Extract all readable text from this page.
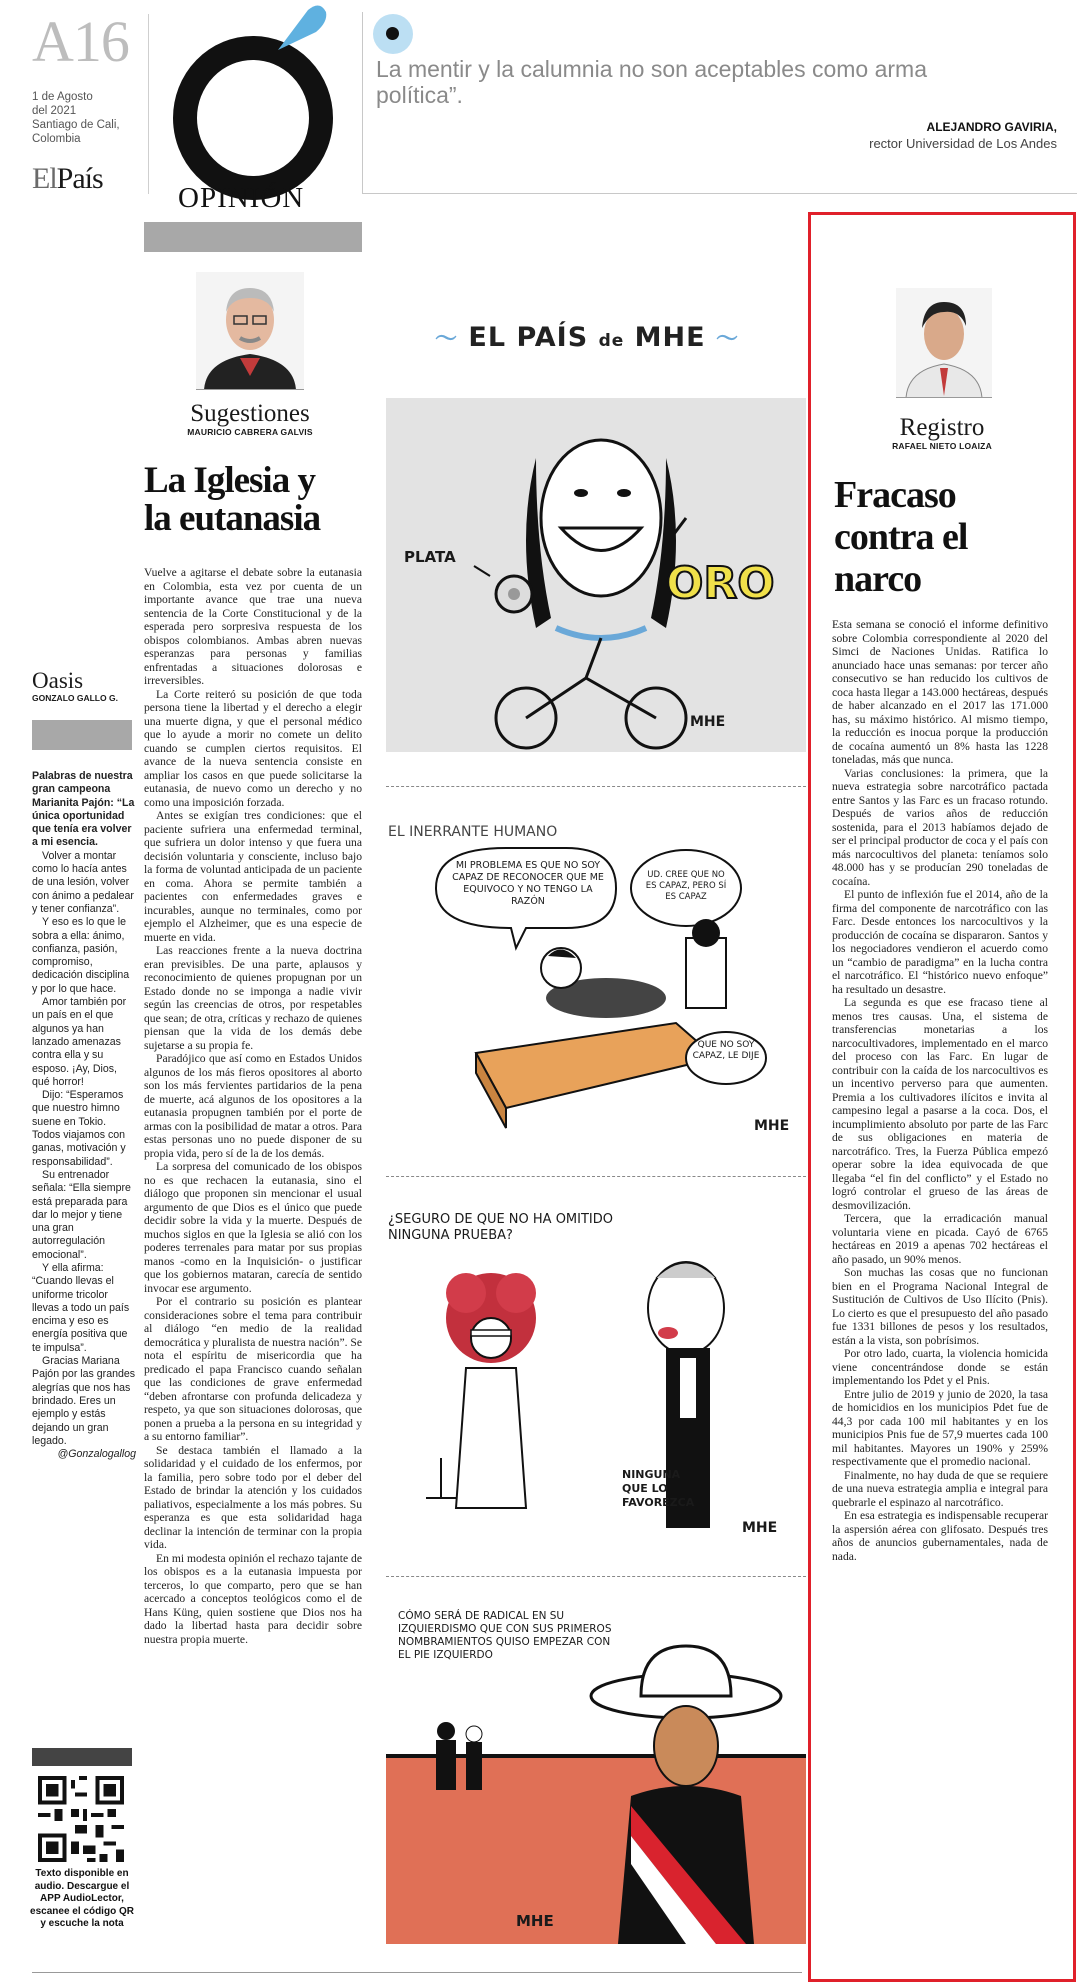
A16
1 de Agosto
del 2021
Santiago de Cali,
Colombia
ElPaís
OPINIÓN
La mentir y la calumnia no son aceptables como arma política”.
ALEJANDRO GAVIRIA,
rector Universidad de Los Andes
Sugestiones
MAURICIO CABRERA GALVIS
La Iglesia y
la eutanasia

Vuelve a agitarse el debate sobre la eutanasia en Colombia, esta vez por cuenta de un importante avance que trae una nueva sentencia de la Corte Constitucional y de la esperada pero sorpresiva respuesta de los obispos colombianos. Ambas abren nuevas esperanzas para personas y familias enfrentadas a situaciones dolorosas e irreversibles.

La Corte reiteró su posición de que toda persona tiene la libertad y el derecho a elegir una muerte digna, y que el personal médico que lo ayude a morir no comete un delito cuando se cumplen ciertos requisitos. El avance de la nueva sentencia consiste en ampliar los casos en que puede solicitarse la eutanasia, de nuevo como un derecho y no como una imposición forzada.

Antes se exigían tres condiciones: que el paciente sufriera una enfermedad terminal, que sufriera un dolor intenso y que fuera una decisión voluntaria y consciente, incluso bajo la forma de voluntad anticipada de un paciente en coma. Ahora se permite también a pacientes con enfermedades graves e incurables, aunque no terminales, como por ejemplo el Alzheimer, que es una especie de muerte en vida.

Las reacciones frente a la nueva doctrina eran previsibles. De una parte, aplausos y reconocimiento de quienes propugnan por un Estado donde no se imponga a nadie vivir según las creencias de otros, por respetables que sean; de otra, críticas y rechazo de quienes piensan que la vida de los demás debe sujetarse a su propia fe.

Paradójico que así como en Estados Unidos algunos de los más fieros opositores al aborto son los más fervientes partidarios de la pena de muerte, acá algunos de los opositores a la eutanasia propugnen también por el porte de armas con la posibilidad de matar a otros. Para estas personas uno no puede disponer de su propia vida, pero sí de la de los demás.

La sorpresa del comunicado de los obispos no es que rechacen la eutanasia, sino el diálogo que proponen sin mencionar el usual argumento de que Dios es el único que puede decidir sobre la vida y la muerte. Después de muchos siglos en que la Iglesia se alió con los poderes terrenales para matar por sus propias manos -como en la Inquisición- o justificar que los gobiernos mataran, carecía de sentido invocar ese argumento.

Por el contrario su posición es plantear consideraciones sobre el tema para contribuir al diálogo “en medio de la realidad democrática y pluralista de nuestra nación”. Se nota el espíritu de misericordia que ha predicado el papa Francisco cuando señalan que las condiciones de grave enfermedad “deben afrontarse con profunda delicadeza y respeto, ya que son situaciones dolorosas, que ponen a prueba a la persona en su integridad y a su entorno familiar”.

Se destaca también el llamado a la solidaridad y el cuidado de los enfermos, por la familia, pero sobre todo por el deber del Estado de brindar la atención y los cuidados paliativos, especialmente a los más pobres. Su esperanza es que esta solidaridad haga declinar la intención de terminar con la propia vida.

En mi modesta opinión el rechazo tajante de los obispos es a la eutanasia impuesta por terceros, lo que comparto, pero que se han acercado a conceptos teológicos como el de Hans Küng, quien sostiene que Dios nos ha dado la libertad hasta para decidir sobre nuestra propia muerte.

Oasis
GONZALO GALLO G.

Palabras de nuestra gran campeona Marianita Pajón: “La única oportunidad que tenía era volver a mi esencia.

Volver a montar como lo hacía antes de una lesión, volver con ánimo a pedalear y tener confianza”.

Y eso es lo que le sobra a ella: ánimo, confianza, pasión, compromiso, dedicación disciplina y por lo que hace.

Amor también por un país en el que algunos ya han lanzado amenazas contra ella y su esposo. ¡Ay, Dios, qué horror!

Dijo: “Esperamos que nuestro himno suene en Tokio. Todos viajamos con ganas, motivación y responsabilidad”.

Su entrenador señala: “Ella siempre está preparada para dar lo mejor y tiene una gran autorregulación emocional”.

Y ella afirma: “Cuando llevas el uniforme tricolor llevas a todo un país encima y eso es energía positiva que te impulsa”.

Gracias Mariana Pajón por las grandes alegrías que nos has brindado. Eres un ejemplo y estás dejando un gran legado.

@Gonzalogallog

Texto disponible en audio. Descargue el APP AudioLector, escanee el código QR y escuche la nota
〜 EL PAÍS de MHE 〜
PLATA
ORO
MHE
EL INERRANTE HUMANO
MI PROBLEMA ES QUE NO SOY CAPAZ DE RECONOCER QUE ME EQUIVOCO Y NO TENGO LA RAZÓN
UD. CREE QUE NO ES CAPAZ, PERO SÍ ES CAPAZ
QUE NO SOY CAPAZ, LE DIJE
MHE
¿SEGURO DE QUE NO HA OMITIDO NINGUNA PRUEBA?
NINGUNA QUE LO FAVOREZCA
MHE
CÓMO SERÁ DE RADICAL EN SU IZQUIERDISMO QUE CON SUS PRIMEROS NOMBRAMIENTOS QUISO EMPEZAR CON EL PIE IZQUIERDO
MHE
Registro
RAFAEL NIETO LOAIZA
Fracaso
contra el
narco

Esta semana se conoció el informe definitivo sobre Colombia correspondiente al 2020 del Simci de Naciones Unidas. Ratifica lo anunciado hace unas semanas: por tercer año consecutivo se han reducido los cultivos de coca hasta llegar a 143.000 hectáreas, después de haber alcanzado en el 2017 las 171.000 has, su máximo histórico. Al mismo tiempo, la reducción es inocua porque la producción de cocaína aumentó un 8% hasta las 1228 toneladas, más que nunca.

Varias conclusiones: la primera, que la nueva estrategia sobre narcotráfico pactada entre Santos y las Farc es un fracaso rotundo. Después de varios años de reducción sostenida, para el 2013 habíamos dejado de ser el principal productor de coca y el país con más narcocultivos del planeta: teníamos solo 48.000 has y se producían 290 toneladas de cocaína.

El punto de inflexión fue el 2014, año de la firma del componente de narcotráfico con las Farc. Desde entonces los narcocultivos y la producción de cocaína se dispararon. Santos y los negociadores vendieron el acuerdo como un “cambio de paradigma” en la lucha contra el narcotráfico. El “histórico nuevo enfoque” ha resultado un desastre.

La segunda es que ese fracaso tiene al menos tres causas. Una, el sistema de transferencias monetarias a los narcocultivadores, implementado en el marco del proceso con las Farc. En lugar de contribuir con la caída de los narcocultivos es un incentivo perverso para que aumenten. Premia a los cultivadores ilícitos e invita al campesino legal a pasarse a la coca. Dos, el incumplimiento absoluto por parte de las Farc de sus obligaciones en materia de narcotráfico. Tres, la Fuerza Pública empezó operar sobre la idea equivocada de que llegaba “el fin del conflicto” y el Estado no logró controlar el grueso de las áreas de desmovilización.

Tercera, que la erradicación manual voluntaria viene en picada. Cayó de 6765 hectáreas en 2019 a apenas 702 hectáreas el año pasado, un 90% menos.

Son muchas las cosas que no funcionan bien en el Programa Nacional Integral de Sustitución de Cultivos de Uso Ilícito (Pnis). Lo cierto es que el presupuesto del año pasado fue 1331 billones de pesos y los resultados, están a la vista, son pobrísimos.

Por otro lado, cuarta, la violencia homicida viene concentrándose donde se están implementando los Pdet y el Pnis.

Entre julio de 2019 y junio de 2020, la tasa de homicidios en los municipios Pdet fue de 44,3 por cada 100 mil habitantes y en los municipios Pnis fue de 57,9 muertes cada 100 mil habitantes. Mayores un 190% y 259% respectivamente que el promedio nacional.

Finalmente, no hay duda de que se requiere de una nueva estrategia amplia e integral para quebrarle el espinazo al narcotráfico.

En esa estrategia es indispensable recuperar la aspersión aérea con glifosato. Después tres años de anuncios gubernamentales, nada de nada.
